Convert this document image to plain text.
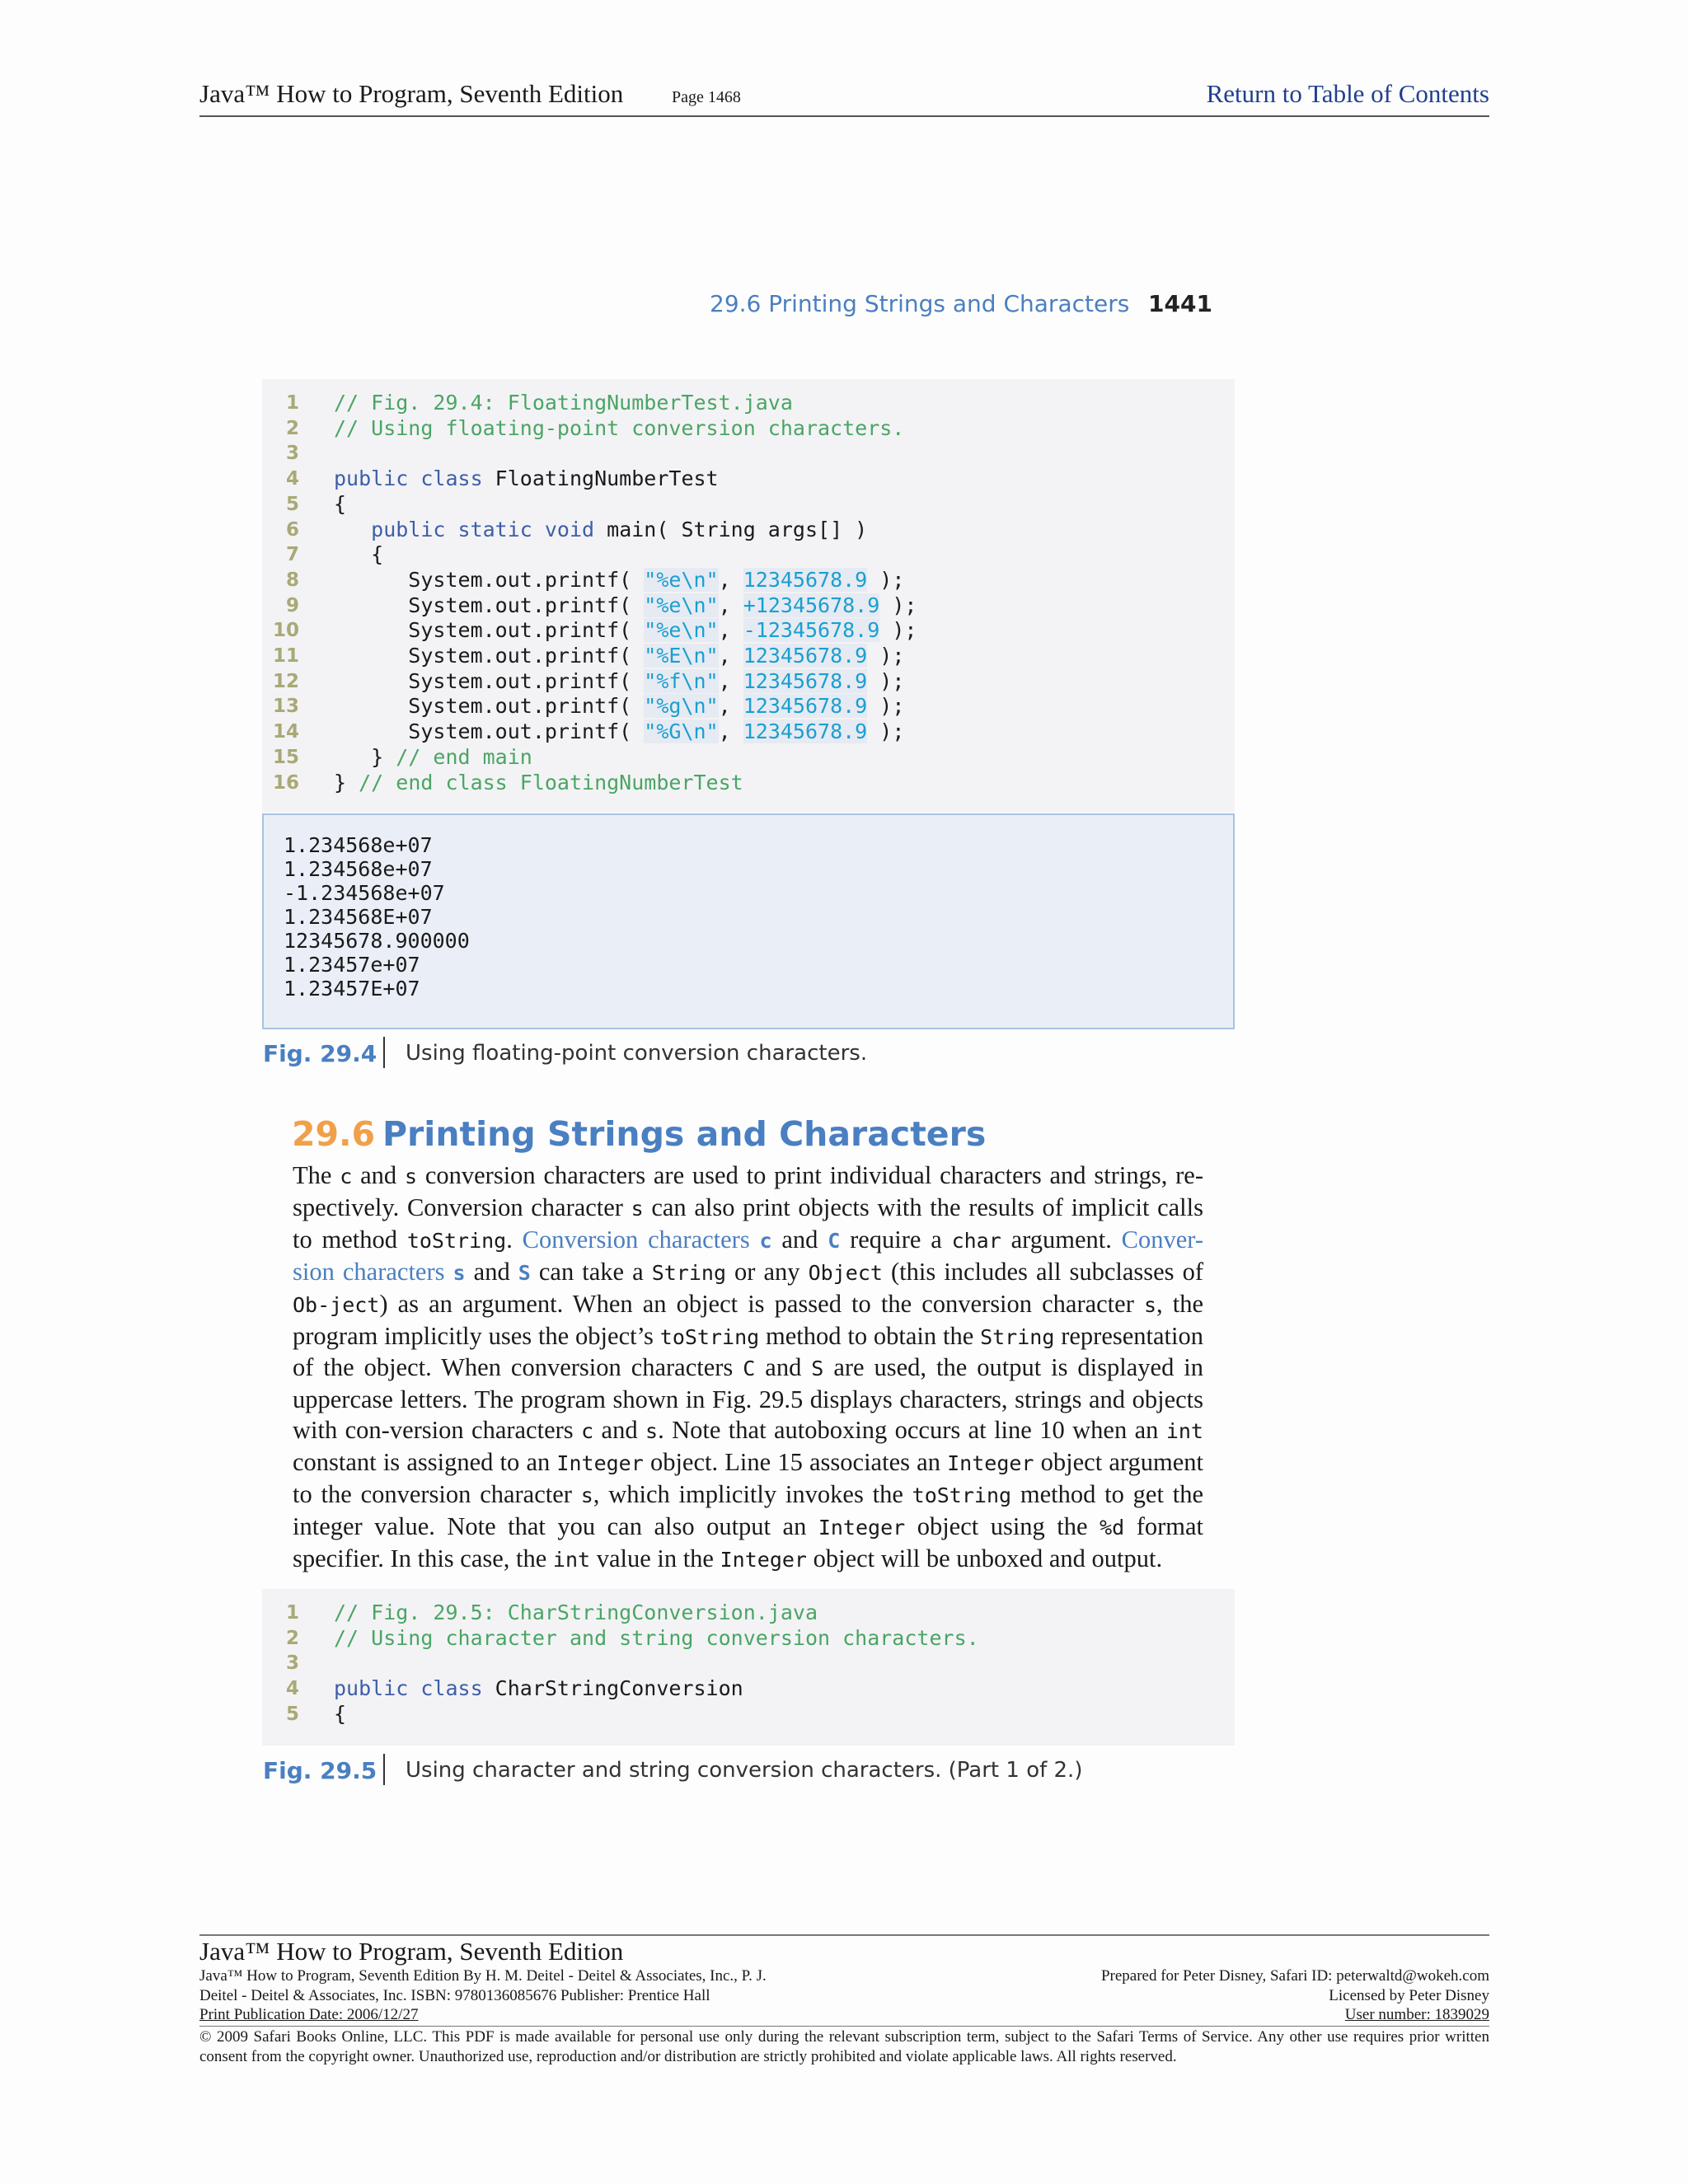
Java™ How to Program, Seventh Edition	Page 1468	Return to Table of Contents
29.6 Printing Strings and Characters 1441
1 // Fig. 29.4: FloatingNumberTest.java
2 // Using floating-point conversion characters.
3
4 public class FloatingNumberTest
5 {
6	public static void main( String args[] )
7 {
8 System.out.printf( "%e\n", 12345678.9 );
9 System.out.printf( "%e\n", +12345678.9 );
10 System.out.printf( "%e\n", -12345678.9 );
11 System.out.printf( "%E\n", 12345678.9 );
12 System.out.printf( "%f\n", 12345678.9 );
13 System.out.printf( "%g\n", 12345678.9 );
14 System.out.printf( "%G\n", 12345678.9 );
15 } // end main
16 } // end class FloatingNumberTest
1.234568e+07
1.234568e+07
-1.234568e+07
1.234568E+07
12345678.900000
1.23457e+07
1.23457E+07
Fig. 29.4 Using floating-point conversion characters.
29.6 Printing Strings and Characters
The c and s conversion characters are used to print individual characters and strings, re-spectively. Conversion character s can also print objects with the results of implicit calls to method toString. Conversion characters c and C require a char argument. Conver-sion characters s and S can take a String or any Object (this includes all subclasses of Ob-ject) as an argument. When an object is passed to the conversion character s, the program implicitly uses the object’s toString method to obtain the String representation of the object. When conversion characters C and S are used, the output is displayed in uppercase letters. The program shown in Fig. 29.5 displays characters, strings and objects with con-version characters c and s. Note that autoboxing occurs at line 10 when an int constant is assigned to an Integer object. Line 15 associates an Integer object argument to the conversion character s, which implicitly invokes the toString method to get the integer value. Note that you can also output an Integer object using the %d format specifier. In this case, the int value in the Integer object will be unboxed and output.
1 // Fig. 29.5: CharStringConversion.java
2 // Using character and string conversion characters.
3
4 public class CharStringConversion
5 {
Fig. 29.5 Using character and string conversion characters. (Part 1 of 2.)
Java™ How to Program, Seventh Edition
Java™ How to Program, Seventh Edition By H. M. Deitel - Deitel & Associates, Inc., P. J.
Deitel - Deitel & Associates, Inc. ISBN: 9780136085676 Publisher: Prentice Hall
Print Publication Date: 2006/12/27
Prepared for Peter Disney, Safari ID: peterwaltd@wokeh.com
Licensed by Peter Disney
User number: 1839029
© 2009 Safari Books Online, LLC. This PDF is made available for personal use only during the relevant subscription term, subject to the Safari Terms of Service. Any other use requires prior written consent from the copyright owner. Unauthorized use, reproduction and/or distribution are strictly prohibited and violate applicable laws. All rights reserved.
